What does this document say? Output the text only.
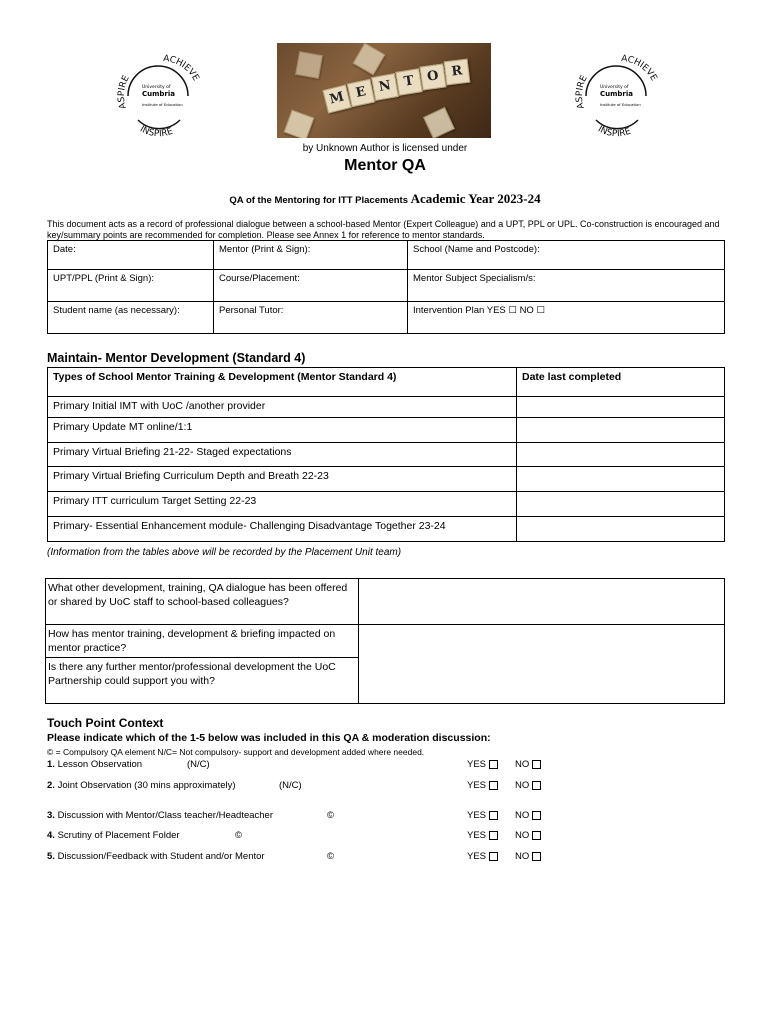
ASPIRE
ACHIEVE
INSPIRE
University of
Cumbria
Institute of Education	M E N T O R
ASPIRE
ACHIEVE
INSPIRE
University of
Cumbria
Institute of Education
by Unknown Author is licensed under
Mentor QA
QA of the Mentoring for ITT Placements Academic Year 2023-24
This document acts as a record of professional dialogue between a school-based Mentor (Expert Colleague) and a UPT, PPL or UPL. Co-construction is encouraged and key/summary points are recommended for completion. Please see Annex 1 for reference to mentor standards.
Date:	Mentor (Print & Sign):	School (Name and Postcode):
UPT/PPL (Print & Sign):	Course/Placement:	Mentor Subject Specialism/s:
Student name (as necessary):	Personal Tutor:	Intervention Plan YES ☐ NO ☐
Maintain- Mentor Development (Standard 4)
Types of School Mentor Training & Development (Mentor Standard 4)	Date last completed
Primary Initial IMT with UoC /another provider	
Primary Update MT online/1:1	
Primary Virtual Briefing 21-22- Staged expectations	
Primary Virtual Briefing Curriculum Depth and Breath 22-23	
Primary ITT curriculum Target Setting 22-23	
Primary- Essential Enhancement module- Challenging Disadvantage Together 23-24	
(Information from the tables above will be recorded by the Placement Unit team)
What other development, training, QA dialogue has been offered or shared by UoC staff to school-based colleagues?	
How has mentor training, development & briefing impacted on mentor practice?	
Is there any further mentor/professional development the UoC Partnership could support you with?	
Touch Point Context
Please indicate which of the 1-5 below was included in this QA & moderation discussion:
© = Compulsory QA element N/C= Not compulsory- support and development added where needed.
1. Lesson Observation	(N/C)	YES	NO
2. Joint Observation (30 mins approximately)	(N/C)	YES	NO
3. Discussion with Mentor/Class teacher/Headteacher	©	YES	NO
4. Scrutiny of Placement Folder	©	YES	NO
5. Discussion/Feedback with Student and/or Mentor	©	YES	NO
